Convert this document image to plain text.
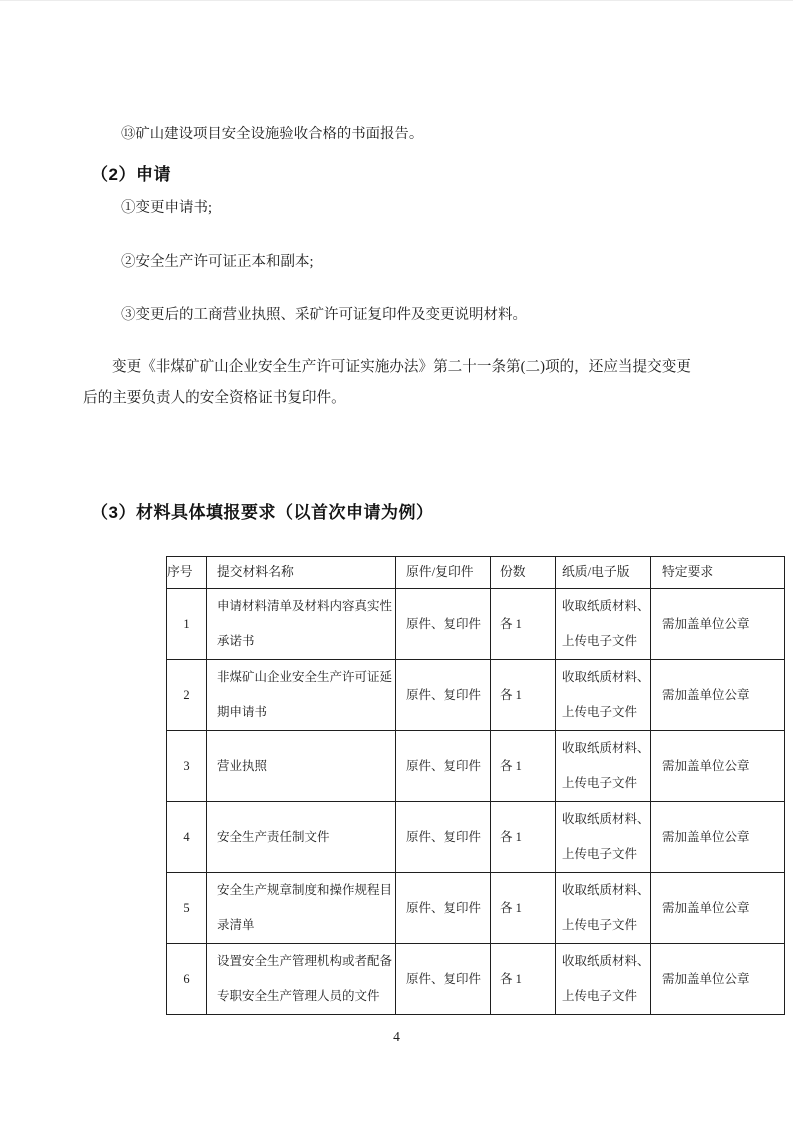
⑬矿山建设项目安全设施验收合格的书面报告。
（2）申请
①变更申请书;
②安全生产许可证正本和副本;
③变更后的工商营业执照、采矿许可证复印件及变更说明材料。
变更《非煤矿矿山企业安全生产许可证实施办法》第二十一条第(二)项的，还应当提交变更后的主要负责人的安全资格证书复印件。
（3）材料具体填报要求（以首次申请为例）
序号	提交材料名称	原件/复印件	份数	纸质/电子版	特定要求

1	申请材料清单及材料内容真实性承诺书	原件、复印件	各 1	收取纸质材料、上传电子文件	需加盖单位公章

2	非煤矿山企业安全生产许可证延期申请书	原件、复印件	各 1	收取纸质材料、上传电子文件	需加盖单位公章

3	营业执照	原件、复印件	各 1	收取纸质材料、上传电子文件	需加盖单位公章

4	安全生产责任制文件	原件、复印件	各 1	收取纸质材料、上传电子文件	需加盖单位公章

5	安全生产规章制度和操作规程目录清单	原件、复印件	各 1	收取纸质材料、上传电子文件	需加盖单位公章

6	设置安全生产管理机构或者配备专职安全生产管理人员的文件	原件、复印件	各 1	收取纸质材料、上传电子文件	需加盖单位公章
4
